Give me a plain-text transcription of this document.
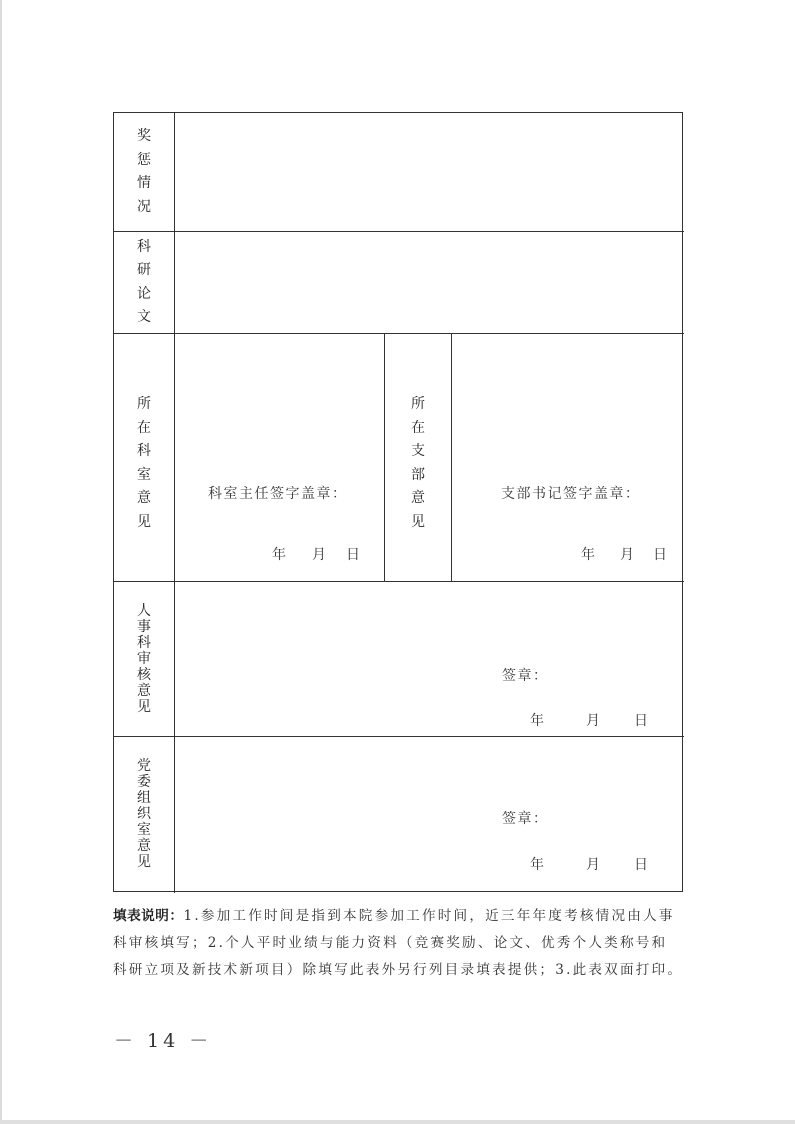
奖
惩
情
况
科
研
论
文
所
在
科
室
意
见
科室主任签字盖章：
年 月 日
所
在
支
部
意
见
支部书记签字盖章：
年 月 日
人
事
科
审
核
意
见
签章：
年	月 日
党
委
组
织
室
意
见
签章：
年	月 日
填表说明：1.参加工作时间是指到本院参加工作时间，近三年年度考核情况由人事
科审核填写；2.个人平时业绩与能力资料（竞赛奖励、论文、优秀个人类称号和
科研立项及新技术新项目）除填写此表外另行列目录填表提供；3.此表双面打印。
－ 14 －
